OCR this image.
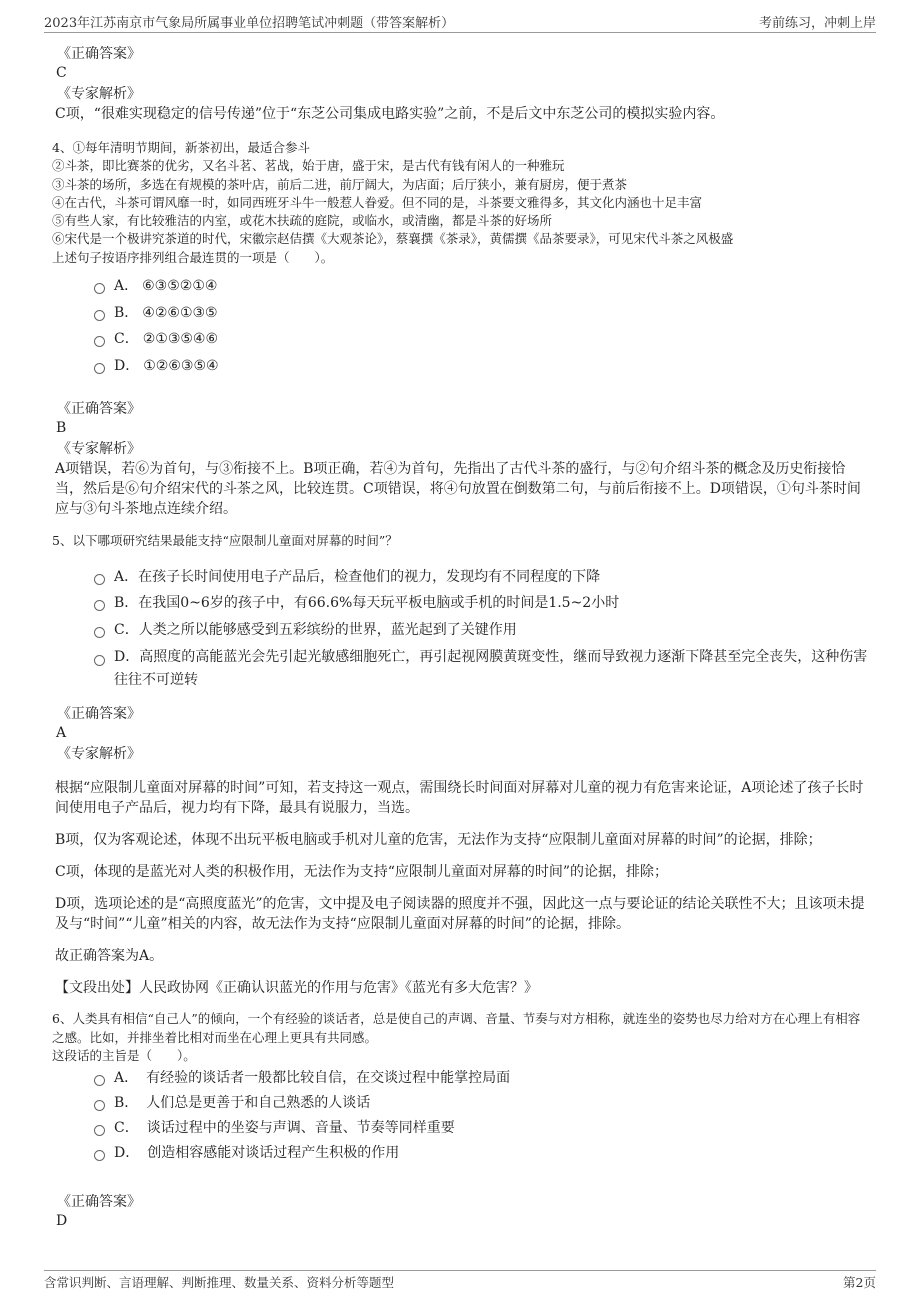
2023年江苏南京市气象局所属事业单位招聘笔试冲刺题（带答案解析）	考前练习，冲刺上岸
《正确答案》
C
《专家解析》
C项，“很难实现稳定的信号传递”位于“东芝公司集成电路实验”之前，不是后文中东芝公司的模拟实验内容。
4、①每年清明节期间，新茶初出，最适合参斗
②斗茶，即比赛茶的优劣，又名斗茗、茗战，始于唐，盛于宋，是古代有钱有闲人的一种雅玩
③斗茶的场所，多选在有规模的茶叶店，前后二进，前厅阔大，为店面；后厅狭小，兼有厨房，便于煮茶
④在古代，斗茶可谓风靡一时，如同西班牙斗牛一般惹人眷爱。但不同的是，斗茶要文雅得多，其文化内涵也十足丰富
⑤有些人家，有比较雅洁的内室，或花木扶疏的庭院，或临水，或清幽，都是斗茶的好场所
⑥宋代是一个极讲究茶道的时代，宋徽宗赵佶撰《大观茶论》，蔡襄撰《茶录》，黄儒撰《品茶要录》，可见宋代斗茶之风极盛
上述句子按语序排列组合最连贯的一项是（　　）。
A． ⑥③⑤②①④
B． ④②⑥①③⑤
C． ②①③⑤④⑥
D． ①②⑥③⑤④
《正确答案》
B
《专家解析》
A项错误，若⑥为首句，与③衔接不上。B项正确，若④为首句，先指出了古代斗茶的盛行，与②句介绍斗茶的概念及历史衔接恰当，然后是⑥句介绍宋代的斗茶之风，比较连贯。C项错误，将④句放置在倒数第二句，与前后衔接不上。D项错误，①句斗茶时间应与③句斗茶地点连续介绍。
5、以下哪项研究结果最能支持“应限制儿童面对屏幕的时间”？
A．在孩子长时间使用电子产品后，检查他们的视力，发现均有不同程度的下降
B．在我国0~6岁的孩子中，有66.6%每天玩平板电脑或手机的时间是1.5~2小时
C．人类之所以能够感受到五彩缤纷的世界，蓝光起到了关键作用
D．高照度的高能蓝光会先引起光敏感细胞死亡，再引起视网膜黄斑变性，继而导致视力逐渐下降甚至完全丧失，这种伤害往往不可逆转
《正确答案》
A
《专家解析》
根据“应限制儿童面对屏幕的时间”可知，若支持这一观点，需围绕长时间面对屏幕对儿童的视力有危害来论证，A项论述了孩子长时间使用电子产品后，视力均有下降，最具有说服力，当选。
B项，仅为客观论述，体现不出玩平板电脑或手机对儿童的危害，无法作为支持“应限制儿童面对屏幕的时间”的论据，排除；
C项，体现的是蓝光对人类的积极作用，无法作为支持“应限制儿童面对屏幕的时间”的论据，排除；
D项，选项论述的是“高照度蓝光”的危害，文中提及电子阅读器的照度并不强，因此这一点与要论证的结论关联性不大；且该项未提及与“时间”“儿童”相关的内容，故无法作为支持“应限制儿童面对屏幕的时间”的论据，排除。
故正确答案为A。
【文段出处】人民政协网《正确认识蓝光的作用与危害》《蓝光有多大危害？》
6、人类具有相信“自己人”的倾向，一个有经验的谈话者，总是使自己的声调、音量、节奏与对方相称，就连坐的姿势也尽力给对方在心理上有相容之感。比如，并排坐着比相对而坐在心理上更具有共同感。
这段话的主旨是（　　）。
A． 有经验的谈话者一般都比较自信，在交谈过程中能掌控局面
B． 人们总是更善于和自己熟悉的人谈话
C． 谈话过程中的坐姿与声调、音量、节奏等同样重要
D． 创造相容感能对谈话过程产生积极的作用
《正确答案》
D
含常识判断、言语理解、判断推理、数量关系、资料分析等题型	第2页
